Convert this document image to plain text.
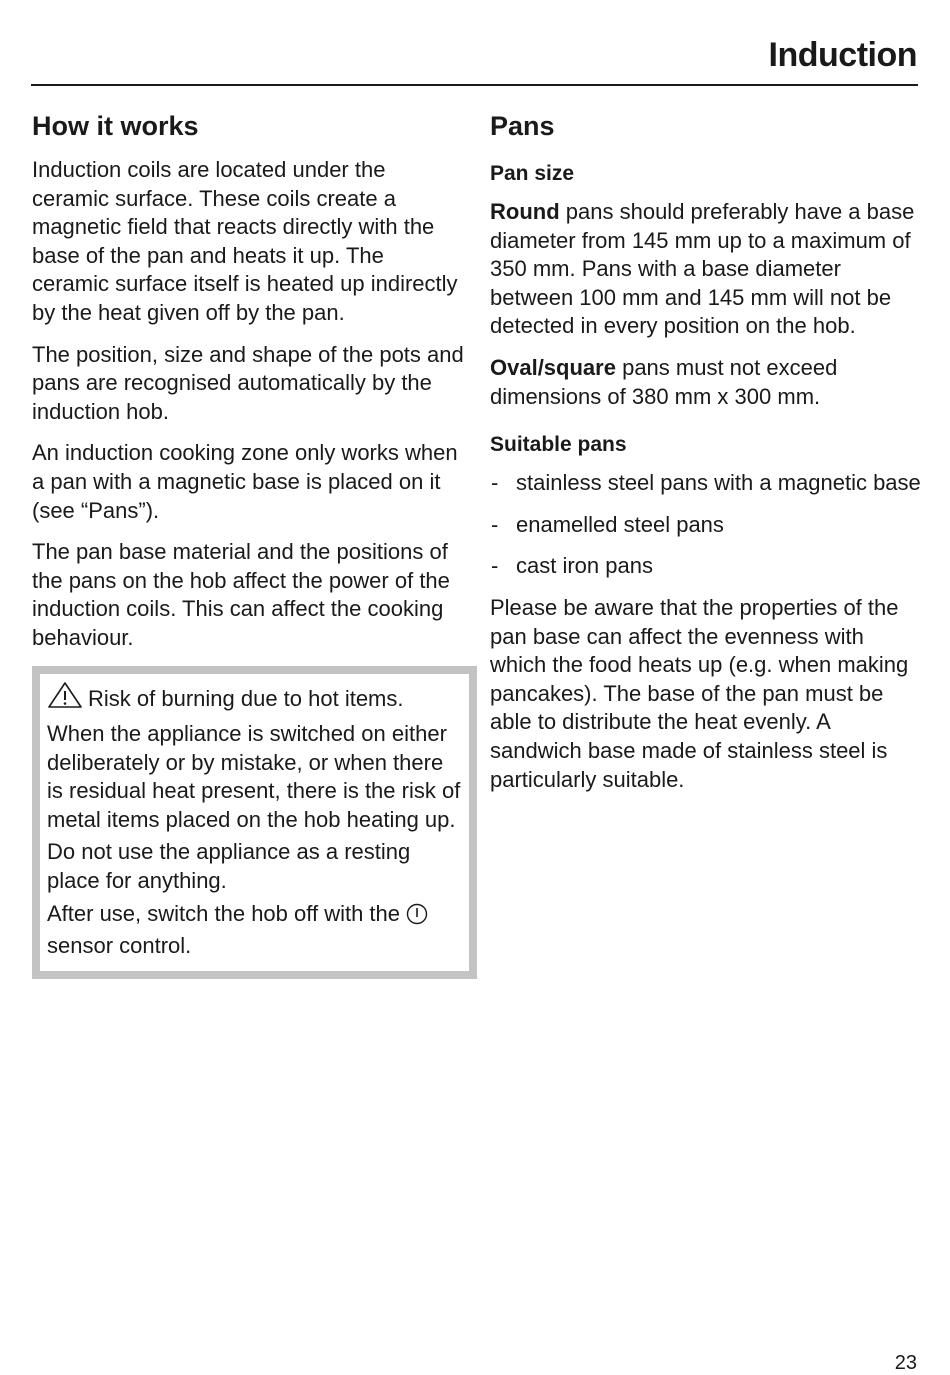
Induction
How it works

Induction coils are located under the ceramic surface. These coils create a magnetic field that reacts directly with the base of the pan and heats it up. The ceramic surface itself is heated up indirectly by the heat given off by the pan.

The position, size and shape of the pots and pans are recognised automatically by the induction hob.

An induction cooking zone only works when a pan with a magnetic base is placed on it (see “Pans”).

The pan base material and the positions of the pans on the hob affect the power of the induction coils. This can affect the cooking behaviour.

Risk of burning due to hot items.

When the appliance is switched on either deliberately or by mistake, or when there is residual heat present, there is the risk of metal items placed on the hob heating up.

Do not use the appliance as a resting place for anything.

After use, switch the hob off with the  sensor control.

Pans
Pan size

Round pans should preferably have a base diameter from 145 mm up to a maximum of 350 mm. Pans with a base diameter between 100 mm and 145 mm will not be detected in every position on the hob.

Oval/square pans must not exceed dimensions of 380 mm x 300 mm.

Suitable pans
- stainless steel pans with a magnetic base
- enamelled steel pans
- cast iron pans

Please be aware that the properties of the pan base can affect the evenness with which the food heats up (e.g. when making pancakes). The base of the pan must be able to distribute the heat evenly. A sandwich base made of stainless steel is particularly suitable.

23
